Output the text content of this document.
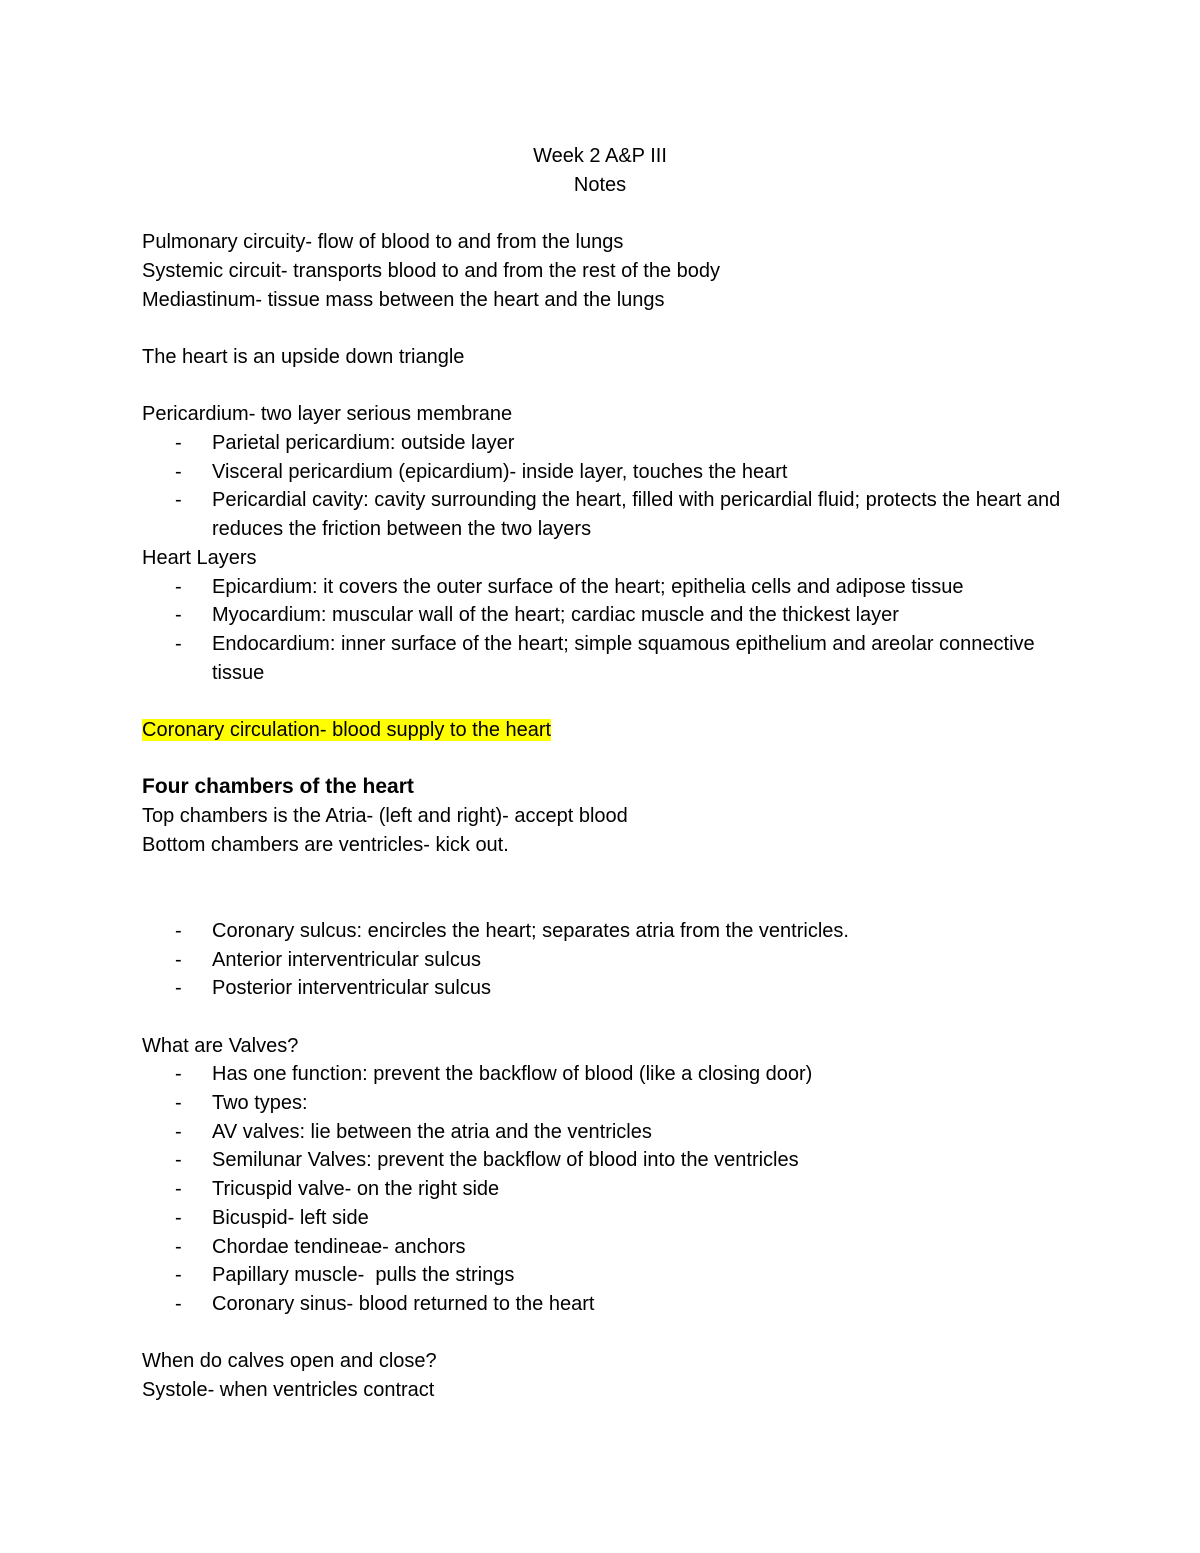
Week 2 A&P III
Notes
Pulmonary circuity- flow of blood to and from the lungs
Systemic circuit- transports blood to and from the rest of the body
Mediastinum- tissue mass between the heart and the lungs
The heart is an upside down triangle
Pericardium- two layer serious membrane
- Parietal pericardium: outside layer
- Visceral pericardium (epicardium)- inside layer, touches the heart
- Pericardial cavity: cavity surrounding the heart, filled with pericardial fluid; protects the heart and reduces the friction between the two layers
Heart Layers
- Epicardium: it covers the outer surface of the heart; epithelia cells and adipose tissue
- Myocardium: muscular wall of the heart; cardiac muscle and the thickest layer
- Endocardium: inner surface of the heart; simple squamous epithelium and areolar connective tissue
Coronary circulation- blood supply to the heart
Four chambers of the heart
Top chambers is the Atria- (left and right)- accept blood
Bottom chambers are ventricles- kick out.
- Coronary sulcus: encircles the heart; separates atria from the ventricles.
- Anterior interventricular sulcus
- Posterior interventricular sulcus
What are Valves?
- Has one function: prevent the backflow of blood (like a closing door)
- Two types:
- AV valves: lie between the atria and the ventricles
- Semilunar Valves: prevent the backflow of blood into the ventricles
- Tricuspid valve- on the right side
- Bicuspid- left side
- Chordae tendineae- anchors
- Papillary muscle-  pulls the strings
- Coronary sinus- blood returned to the heart
When do calves open and close?
Systole- when ventricles contract
